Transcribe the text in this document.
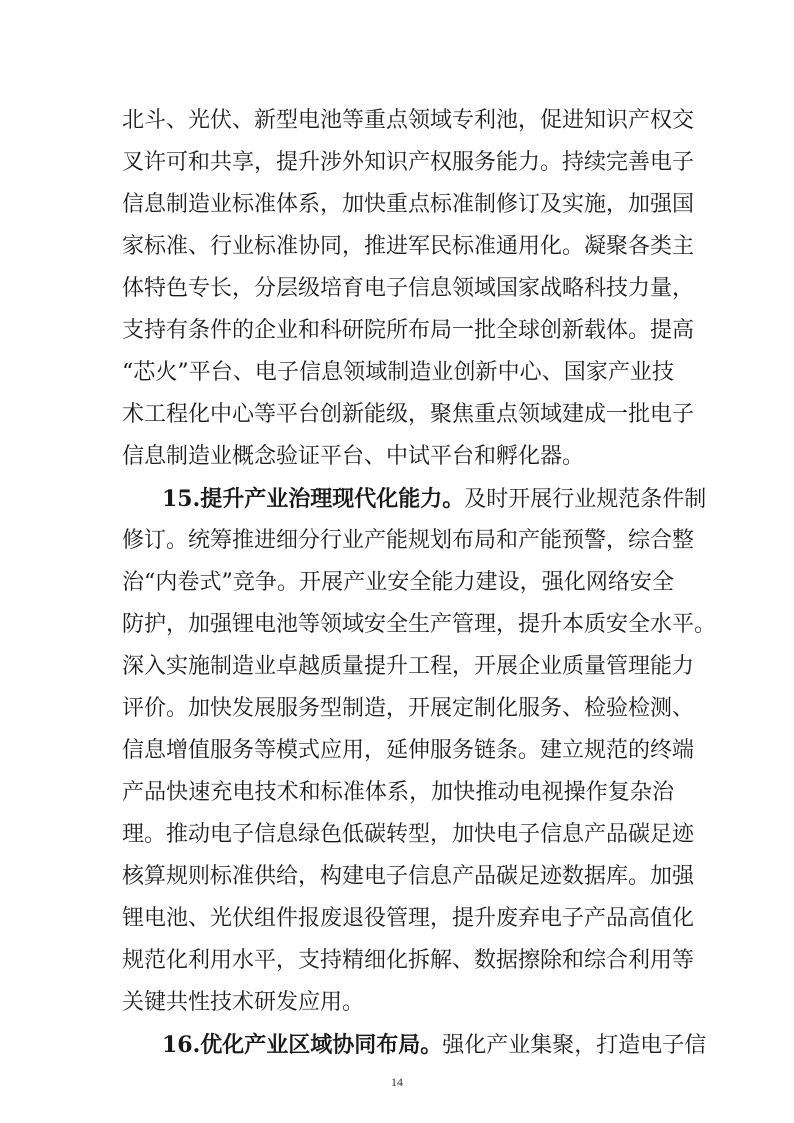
北斗、光伏、新型电池等重点领域专利池，促进知识产权交
叉许可和共享，提升涉外知识产权服务能力。持续完善电子
信息制造业标准体系，加快重点标准制修订及实施，加强国
家标准、行业标准协同，推进军民标准通用化。凝聚各类主
体特色专长，分层级培育电子信息领域国家战略科技力量，
支持有条件的企业和科研院所布局一批全球创新载体。提高
“芯火”平台、电子信息领域制造业创新中心、国家产业技
术工程化中心等平台创新能级，聚焦重点领域建成一批电子
信息制造业概念验证平台、中试平台和孵化器。
15.提升产业治理现代化能力。及时开展行业规范条件制
修订。统筹推进细分行业产能规划布局和产能预警，综合整
治“内卷式”竞争。开展产业安全能力建设，强化网络安全
防护，加强锂电池等领域安全生产管理，提升本质安全水平。
深入实施制造业卓越质量提升工程，开展企业质量管理能力
评价。加快发展服务型制造，开展定制化服务、检验检测、
信息增值服务等模式应用，延伸服务链条。建立规范的终端
产品快速充电技术和标准体系，加快推动电视操作复杂治
理。推动电子信息绿色低碳转型，加快电子信息产品碳足迹
核算规则标准供给，构建电子信息产品碳足迹数据库。加强
锂电池、光伏组件报废退役管理，提升废弃电子产品高值化
规范化利用水平，支持精细化拆解、数据擦除和综合利用等
关键共性技术研发应用。
16.优化产业区域协同布局。强化产业集聚，打造电子信
14
